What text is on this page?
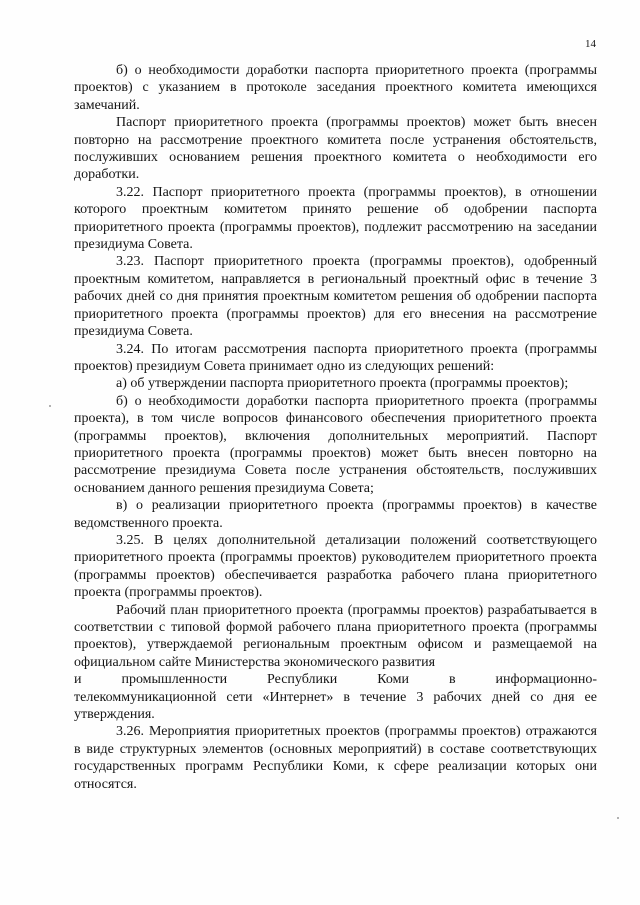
14

б) о необходимости доработки паспорта приоритетного проекта (программы проектов) с указанием в протоколе заседания проектного комитета имеющихся замечаний.

Паспорт приоритетного проекта (программы проектов) может быть внесен повторно на рассмотрение проектного комитета после устранения обстоятельств, послуживших основанием решения проектного комитета о необходимости его доработки.

3.22. Паспорт приоритетного проекта (программы проектов), в отношении которого проектным комитетом принято решение об одобрении паспорта приоритетного проекта (программы проектов), подлежит рассмотрению на заседании президиума Совета.

3.23. Паспорт приоритетного проекта (программы проектов), одобренный проектным комитетом, направляется в региональный проектный офис в течение 3 рабочих дней со дня принятия проектным комитетом решения об одобрении паспорта приоритетного проекта (программы проектов) для его внесения на рассмотрение президиума Совета.

3.24. По итогам рассмотрения паспорта приоритетного проекта (программы проектов) президиум Совета принимает одно из следующих решений:

а) об утверждении паспорта приоритетного проекта (программы проектов);

б) о необходимости доработки паспорта приоритетного проекта (программы проекта), в том числе вопросов финансового обеспечения приоритетного проекта (программы проектов), включения дополнительных мероприятий. Паспорт приоритетного проекта (программы проектов) может быть внесен повторно на рассмотрение президиума Совета после устранения обстоятельств, послуживших основанием данного решения президиума Совета;

в) о реализации приоритетного проекта (программы проектов) в качестве ведомственного проекта.

3.25. В целях дополнительной детализации положений соответствующего приоритетного проекта (программы проектов) руководителем приоритетного проекта (программы проектов) обеспечивается разработка рабочего плана приоритетного проекта (программы проектов).

Рабочий план приоритетного проекта (программы проектов) разрабатывается в соответствии с типовой формой рабочего плана приоритетного проекта (программы проектов), утверждаемой региональным проектным офисом и размещаемой на официальном сайте Министерства экономического развития

и промышленности Республики Коми в информационно-

телекоммуникационной сети «Интернет» в течение 3 рабочих дней со дня ее утверждения.

3.26. Мероприятия приоритетных проектов (программы проектов) отражаются в виде структурных элементов (основных мероприятий) в составе соответствующих государственных программ Республики Коми, к сфере реализации которых они относятся.
